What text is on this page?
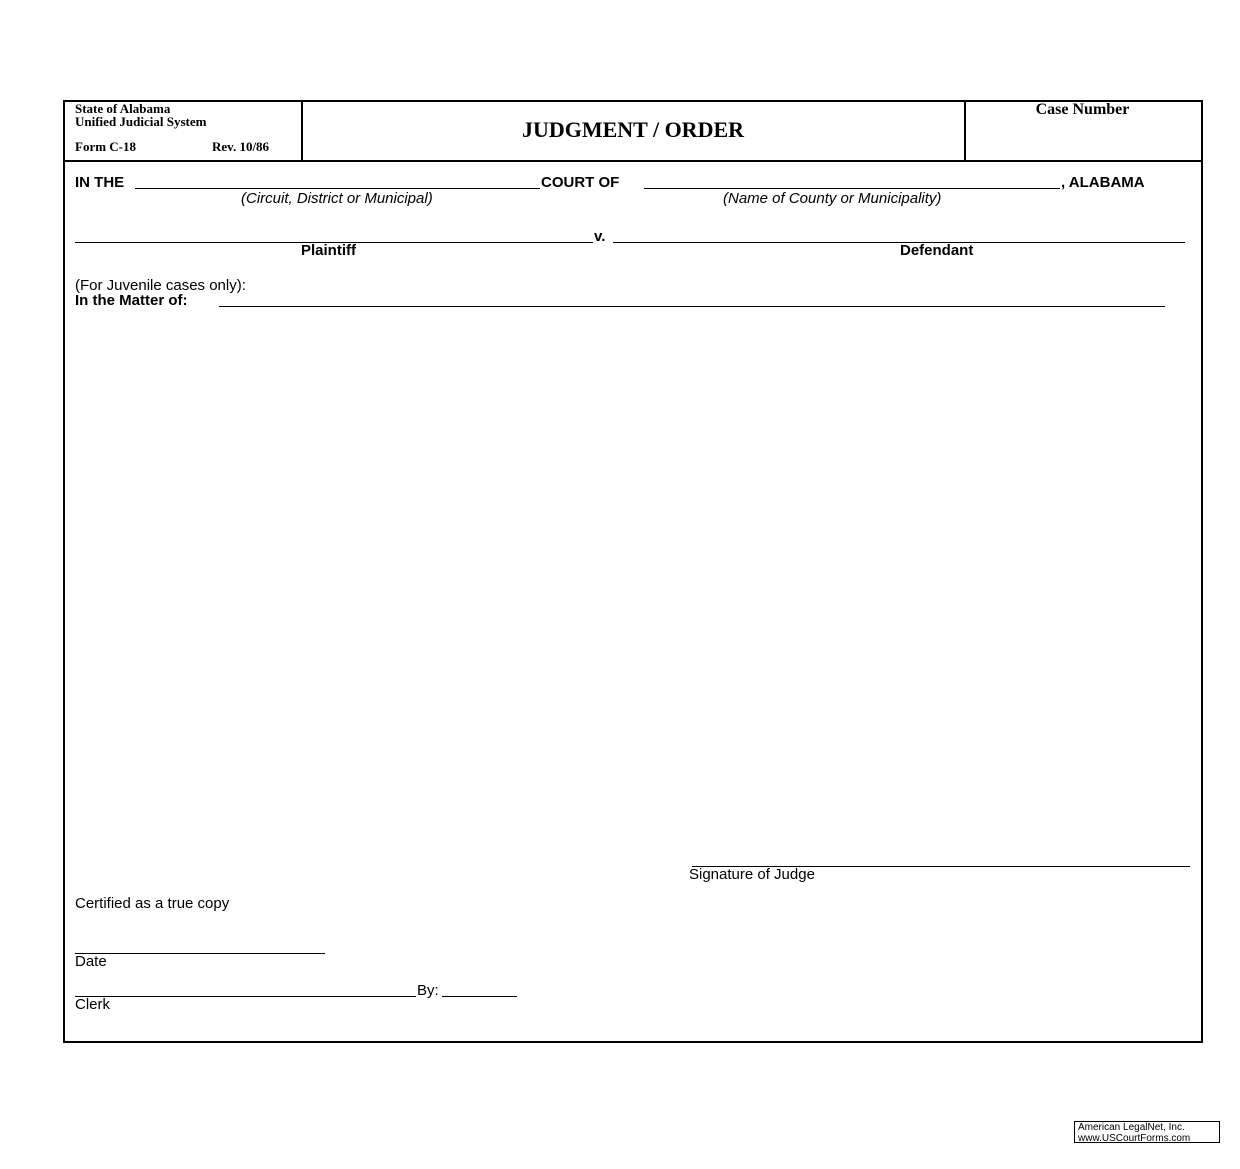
State of Alabama
Unified Judicial System
Form C-18	Rev. 10/86
JUDGMENT / ORDER
Case Number
IN THE	COURT OF	, ALABAMA
(Circuit, District or Municipal)	(Name of County or Municipality)
v.
Plaintiff	Defendant
(For Juvenile cases only):
In the Matter of:
Signature of Judge
Certified as a true copy
Date
By:
Clerk
American LegalNet, Inc.
www.USCourtForms.com
